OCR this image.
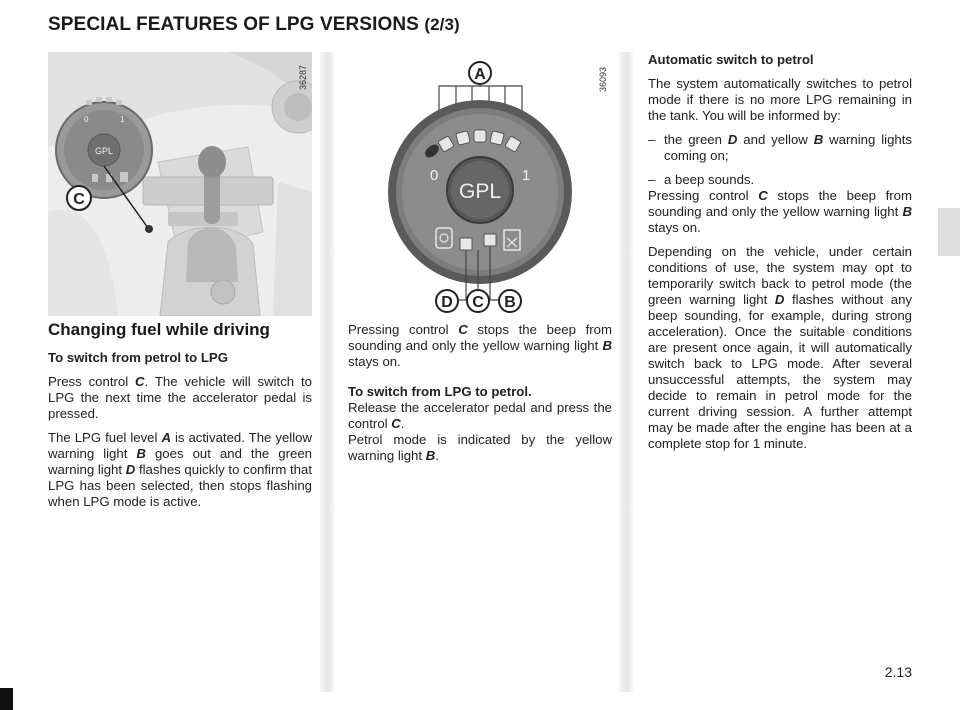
SPECIAL FEATURES OF LPG VERSIONS (2/3)
GPL
0	1
C
36287	A
0	1
GPL
D C B
36093
Changing fuel while driving

To switch from petrol to LPG

Press control C. The vehicle will switch to LPG the next time the accelerator pedal is pressed.

The LPG fuel level A is activated. The yellow warning light B goes out and the green warning light D flashes quickly to confirm that LPG has been selected, then stops flashing when LPG mode is active.

Pressing control C stops the beep from sounding and only the yellow warning light B stays on.

To switch from LPG to petrol.

Release the accelerator pedal and press the control C.

Petrol mode is indicated by the yellow warning light B.

Automatic switch to petrol

The system automatically switches to petrol mode if there is no more LPG remaining in the tank. You will be informed by:

– the green D and yellow B warning lights coming on;
– a beep sounds.

Pressing control C stops the beep from sounding and only the yellow warning light B stays on.

Depending on the vehicle, under certain conditions of use, the system may opt to temporarily switch back to petrol mode (the green warning light D flashes without any beep sounding, for example, during strong acceleration). Once the suitable conditions are present once again, it will automatically switch back to LPG mode. After several unsuccessful attempts, the system may decide to remain in petrol mode for the current driving session. A further attempt may be made after the engine has been at a complete stop for 1 minute.

2.13
